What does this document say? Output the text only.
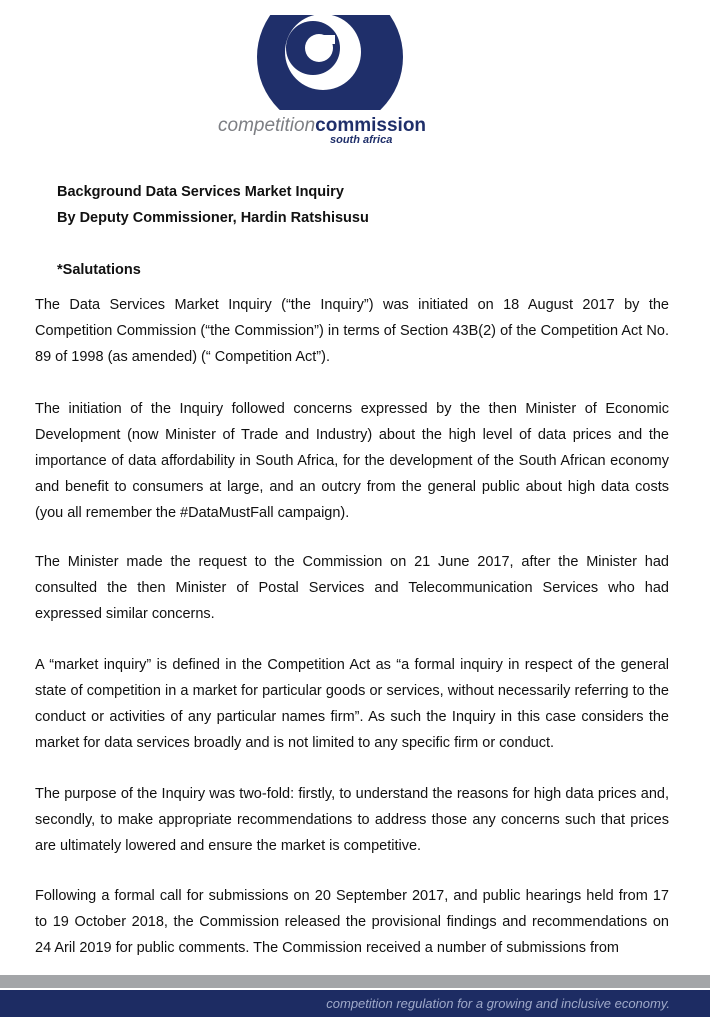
competitioncommission
south africa
Background Data Services Market Inquiry
By Deputy Commissioner, Hardin Ratshisusu
*Salutations

The Data Services Market Inquiry (“the Inquiry”) was initiated on 18 August 2017 by the Competition Commission (“the Commission”) in terms of Section 43B(2) of the Competition Act No. 89 of 1998 (as amended) (“ Competition Act”).

The initiation of the Inquiry followed concerns expressed by the then Minister of Economic Development (now Minister of Trade and Industry) about the high level of data prices and the importance of data affordability in South Africa, for the development of the South African economy and benefit to consumers at large, and an outcry from the general public about high data costs (you all remember the #DataMustFall campaign).

The Minister made the request to the Commission on 21 June 2017, after the Minister had consulted the then Minister of Postal Services and Telecommunication Services who had expressed similar concerns.

A “market inquiry” is defined in the Competition Act as “a formal inquiry in respect of the general state of competition in a market for particular goods or services, without necessarily referring to the conduct or activities of any particular names firm”. As such the Inquiry in this case considers the market for data services broadly and is not limited to any specific firm or conduct.

The purpose of the Inquiry was two-fold: firstly, to understand the reasons for high data prices and, secondly, to make appropriate recommendations to address those any concerns such that prices are ultimately lowered and ensure the market is competitive.

Following a formal call for submissions on 20 September 2017, and public hearings held from 17 to 19 October 2018, the Commission released the provisional findings and recommendations on 24 Aril 2019 for public comments. The Commission received a number of submissions from

competition regulation for a growing and inclusive economy.
